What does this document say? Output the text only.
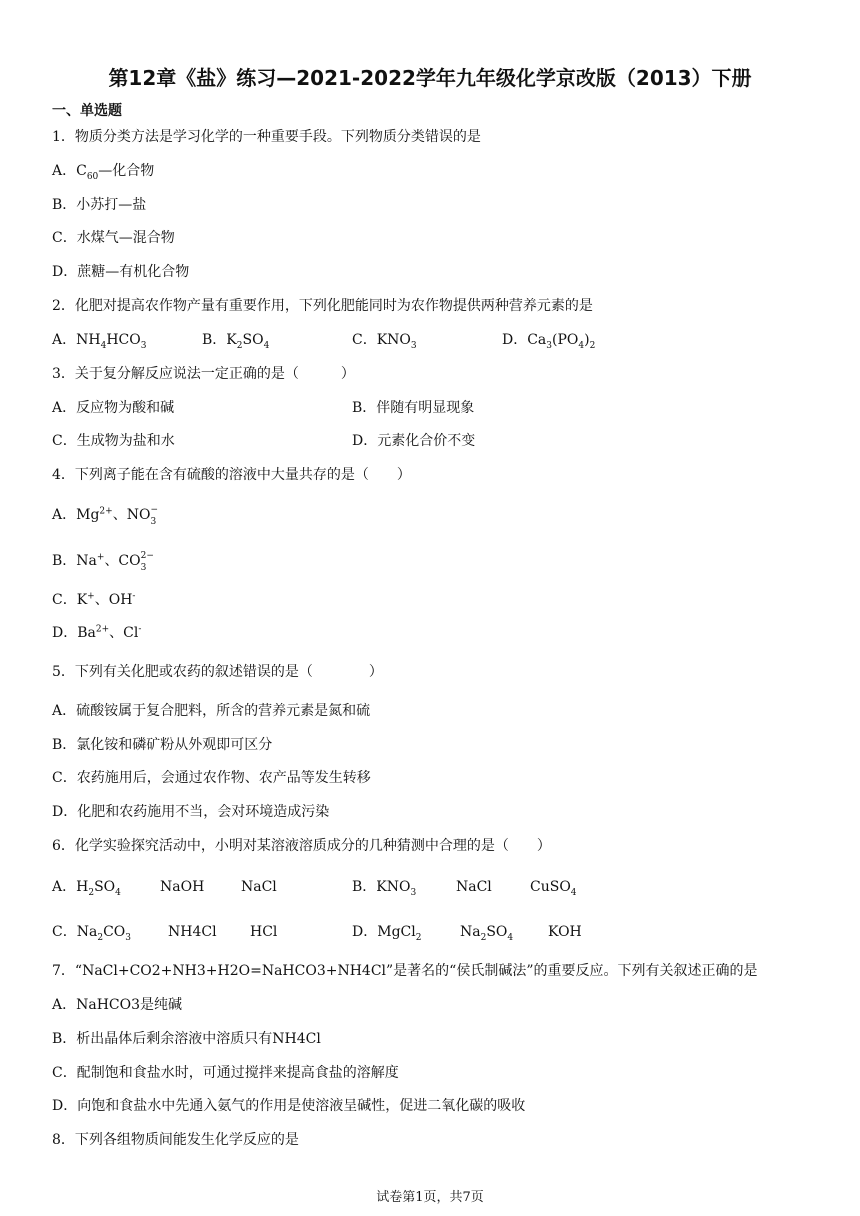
第12章《盐》练习—2021-2022学年九年级化学京改版（2013）下册
一、单选题
1．物质分类方法是学习化学的一种重要手段。下列物质分类错误的是
A．$C_{60}—$化合物
B．小苏打—盐
C．水煤气—混合物
D．蔗糖—有机化合物
2．化肥对提高农作物产量有重要作用，下列化肥能同时为农作物提供两种营养元素的是
A．$NH_4HCO_3$	B．$K_2SO_4$	C．$KNO_3$	D．$Ca_3(PO_4)_2$
3．关于复分解反应说法一定正确的是（　　　）
A．反应物为酸和碱	B．伴随有明显现象
C．生成物为盐和水	D．元素化合价不变
4．下列离子能在含有硫酸的溶液中大量共存的是（　　）
A．$Mg^{2+}$、NO −
3
B．Na+、CO 2−
3
C．K+、OH-
D．$Ba^{2+}$、Cl-
5．下列有关化肥或农药的叙述错误的是（　　　　）
A．硫酸铵属于复合肥料，所含的营养元素是氮和硫
B．氯化铵和磷矿粉从外观即可区分
C．农药施用后，会通过农作物、农产品等发生转移
D．化肥和农药施用不当，会对环境造成污染
6．化学实验探究活动中，小明对某溶液溶质成分的几种猜测中合理的是（　　）
A．$H_2SO_4$	NaOH	NaCl	B．$KNO_3$	NaCl	CuSO$_4$
C．$Na_2CO_3$	NH4Cl HCl	D．MgCl$_2$	$Na_2SO_4$ KOH
7．“NaCl+CO2+NH3+H2O=NaHCO3+NH4Cl”是著名的“侯氏制碱法”的重要反应。下列有关叙述正确的是
A．NaHCO3是纯碱
B．析出晶体后剩余溶液中溶质只有NH4Cl
C．配制饱和食盐水时，可通过搅拌来提高食盐的溶解度
D．向饱和食盐水中先通入氨气的作用是使溶液呈碱性，促进二氧化碳的吸收
8．下列各组物质间能发生化学反应的是
试卷第1页，共7页
